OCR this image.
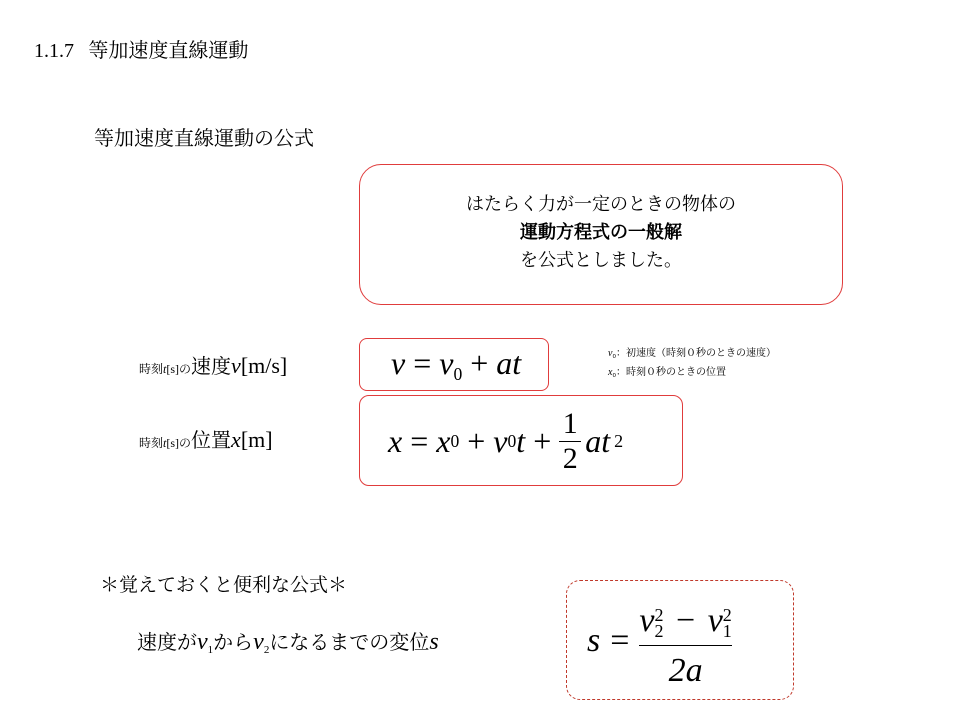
1.1.7 等加速度直線運動
等加速度直線運動の公式
はたらく力が一定のときの物体の
運動方程式の一般解
を公式としました。
時刻t[s]の速度v[m/s]	$v = v_0$ + at	$v_0$：初速度（時刻０秒のときの速度）
$x_0$：時刻０秒のときの位置
時刻t[s]の位置x[m]	x = x 0 + v 0 $t + \frac{1}{2}$ at 2
＊覚えておくと便利な公式＊
速度が$v_1$から$v_2$になるまでの変位s	s = v 2
2 − v 2
1
2a
